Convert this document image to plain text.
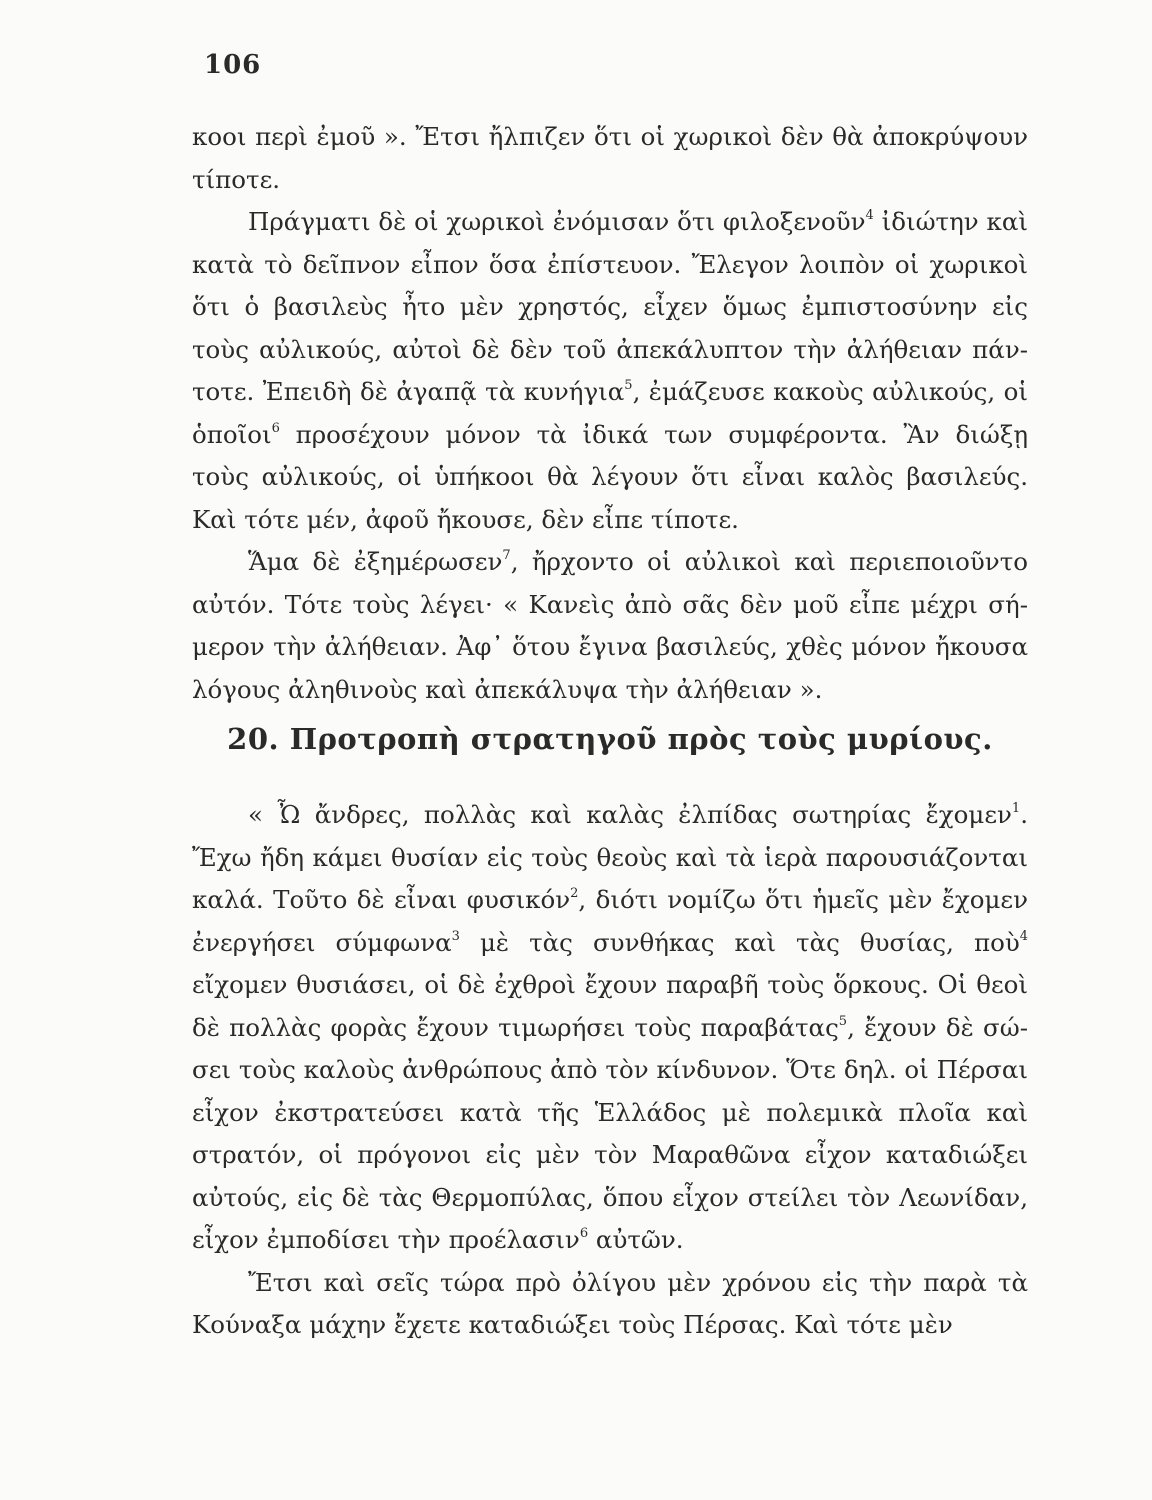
106

κοοι περὶ ἐμοῦ ». Ἔτσι ἤλπιζεν ὅτι οἱ χωρικοὶ δὲν θὰ ἀποκρύψουν τίποτε.

Πράγματι δὲ οἱ χωρικοὶ ἐνόμισαν ὅτι φιλοξενοῦν$^4$ ἰδιώτην καὶ κατὰ τὸ δεῖπνον εἶπον ὅσα ἐπίστευον. Ἔλεγον λοιπὸν οἱ χωρικοὶ ὅτι ὁ βασιλεὺς ἦτο μὲν χρηστός, εἶχεν ὅμως ἐμπιστοσύνην εἰς τοὺς αὐλικούς, αὐτοὶ δὲ δὲν τοῦ ἀπεκάλυπτον τὴν ἀλήθειαν πάντοτε. Ἐπειδὴ δὲ ἀγαπᾷ τὰ κυνήγια$^5$, ἐμάζευσε κακοὺς αὐλικούς, οἱ ὁποῖοι$^6$ προσέχουν μόνον τὰ ἰδικά των συμφέροντα. Ἂν διώξῃ τοὺς αὐλικούς, οἱ ὑπήκοοι θὰ λέγουν ὅτι εἶναι καλὸς βασιλεύς. Καὶ τότε μέν, ἀφοῦ ἤκουσε, δὲν εἶπε τίποτε.

Ἅμα δὲ ἐξημέρωσεν$^7$, ἤρχοντο οἱ αὐλικοὶ καὶ περιεποιοῦντο αὐτόν. Τότε τοὺς λέγει· « Κανεὶς ἀπὸ σᾶς δὲν μοῦ εἶπε μέχρι σήμερον τὴν ἀλήθειαν. Ἀφ᾽ ὅτου ἔγινα βασιλεύς, χθὲς μόνον ἤκουσα λόγους ἀληθινοὺς καὶ ἀπεκάλυψα τὴν ἀλήθειαν ».

20. Προτροπὴ στρατηγοῦ πρὸς τοὺς μυρίους.

« Ὦ ἄνδρες, πολλὰς καὶ καλὰς ἐλπίδας σωτηρίας ἔχομεν$^1$. Ἔχω ἤδη κάμει θυσίαν εἰς τοὺς θεοὺς καὶ τὰ ἱερὰ παρουσιάζονται καλά. Τοῦτο δὲ εἶναι φυσικόν$^2$, διότι νομίζω ὅτι ἡμεῖς μὲν ἔχομεν ἐνεργήσει σύμφωνα$^3$ μὲ τὰς συνθήκας καὶ τὰς θυσίας, ποὺ$^4$ εἴχομεν θυσιάσει, οἱ δὲ ἐχθροὶ ἔχουν παραβῆ τοὺς ὅρκους. Οἱ θεοὶ δὲ πολλὰς φορὰς ἔχουν τιμωρήσει τοὺς παραβάτας$^5$, ἔχουν δὲ σώσει τοὺς καλοὺς ἀνθρώπους ἀπὸ τὸν κίνδυνον. Ὅτε δηλ. οἱ Πέρσαι εἶχον ἐκστρατεύσει κατὰ τῆς Ἑλλάδος μὲ πολεμικὰ πλοῖα καὶ στρατόν, οἱ πρόγονοι εἰς μὲν τὸν Μαραθῶνα εἶχον καταδιώξει αὐτούς, εἰς δὲ τὰς Θερμοπύλας, ὅπου εἶχον στείλει τὸν Λεωνίδαν, εἶχον ἐμποδίσει τὴν προέλασιν$^6$ αὐτῶν.

Ἔτσι καὶ σεῖς τώρα πρὸ ὀλίγου μὲν χρόνου εἰς τὴν παρὰ τὰ Κούναξα μάχην ἔχετε καταδιώξει τοὺς Πέρσας. Καὶ τότε μὲν
